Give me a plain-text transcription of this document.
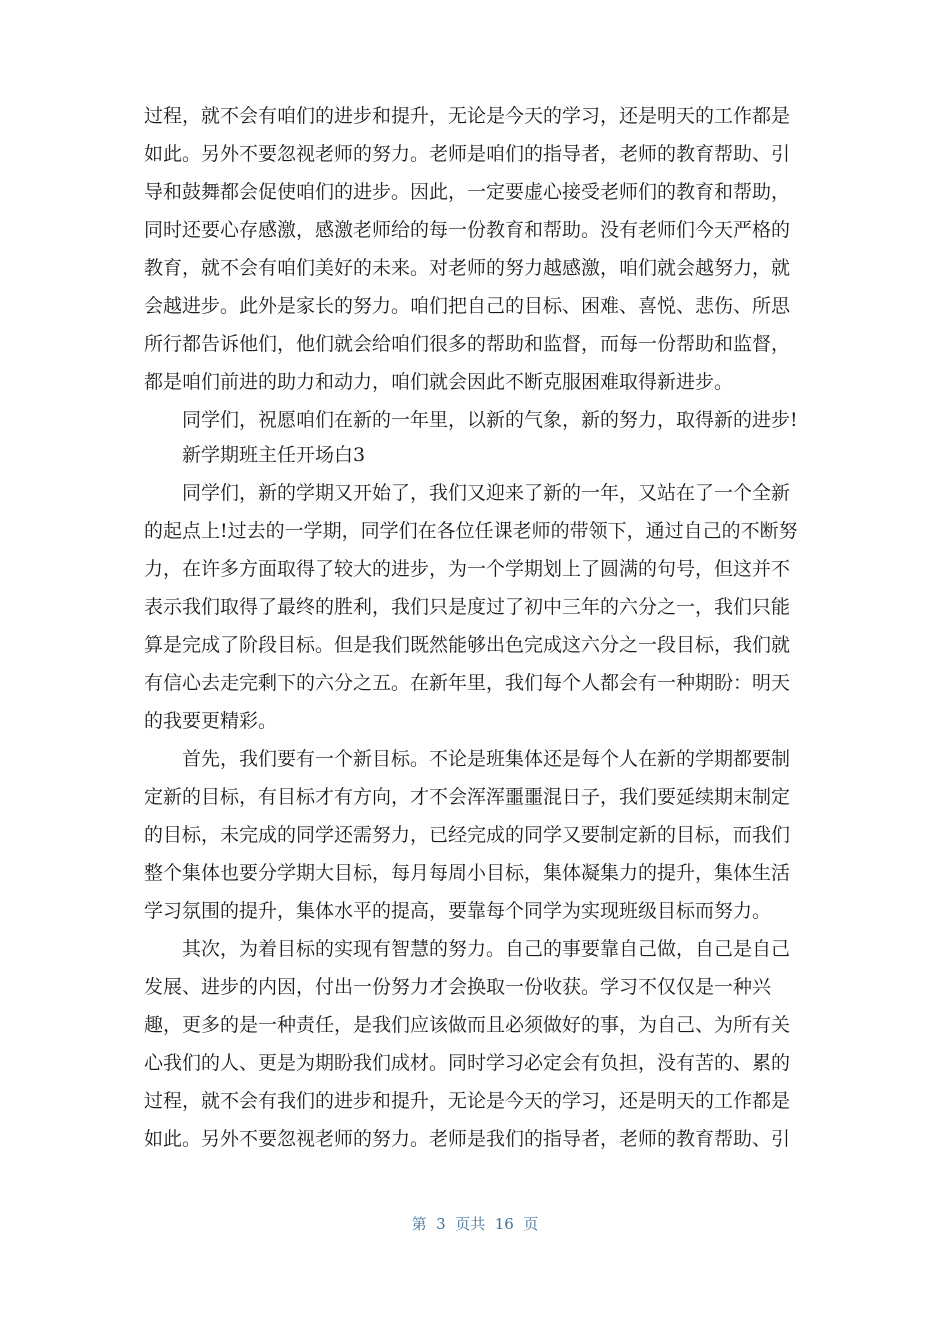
过程，就不会有咱们的进步和提升，无论是今天的学习，还是明天的工作都是
如此。另外不要忽视老师的努力。老师是咱们的指导者，老师的教育帮助、引
导和鼓舞都会促使咱们的进步。因此，一定要虚心接受老师们的教育和帮助，
同时还要心存感激，感激老师给的每一份教育和帮助。没有老师们今天严格的
教育，就不会有咱们美好的未来。对老师的努力越感激，咱们就会越努力，就
会越进步。此外是家长的努力。咱们把自己的目标、困难、喜悦、悲伤、所思
所行都告诉他们，他们就会给咱们很多的帮助和监督，而每一份帮助和监督，
都是咱们前进的助力和动力，咱们就会因此不断克服困难取得新进步。
同学们，祝愿咱们在新的一年里，以新的气象，新的努力，取得新的进步!
新学期班主任开场白3
同学们，新的学期又开始了，我们又迎来了新的一年，又站在了一个全新
的起点上!过去的一学期，同学们在各位任课老师的带领下，通过自己的不断努
力，在许多方面取得了较大的进步，为一个学期划上了圆满的句号，但这并不
表示我们取得了最终的胜利，我们只是度过了初中三年的六分之一，我们只能
算是完成了阶段目标。但是我们既然能够出色完成这六分之一段目标，我们就
有信心去走完剩下的六分之五。在新年里，我们每个人都会有一种期盼：明天
的我要更精彩。
首先，我们要有一个新目标。不论是班集体还是每个人在新的学期都要制
定新的目标，有目标才有方向，才不会浑浑噩噩混日子，我们要延续期末制定
的目标，未完成的同学还需努力，已经完成的同学又要制定新的目标，而我们
整个集体也要分学期大目标，每月每周小目标，集体凝集力的提升，集体生活
学习氛围的提升，集体水平的提高，要靠每个同学为实现班级目标而努力。
其次，为着目标的实现有智慧的努力。自己的事要靠自己做，自己是自己
发展、进步的内因，付出一份努力才会换取一份收获。学习不仅仅是一种兴
趣，更多的是一种责任，是我们应该做而且必须做好的事，为自己、为所有关
心我们的人、更是为期盼我们成材。同时学习必定会有负担，没有苦的、累的
过程，就不会有我们的进步和提升，无论是今天的学习，还是明天的工作都是
如此。另外不要忽视老师的努力。老师是我们的指导者，老师的教育帮助、引
第  3  页共  16  页
